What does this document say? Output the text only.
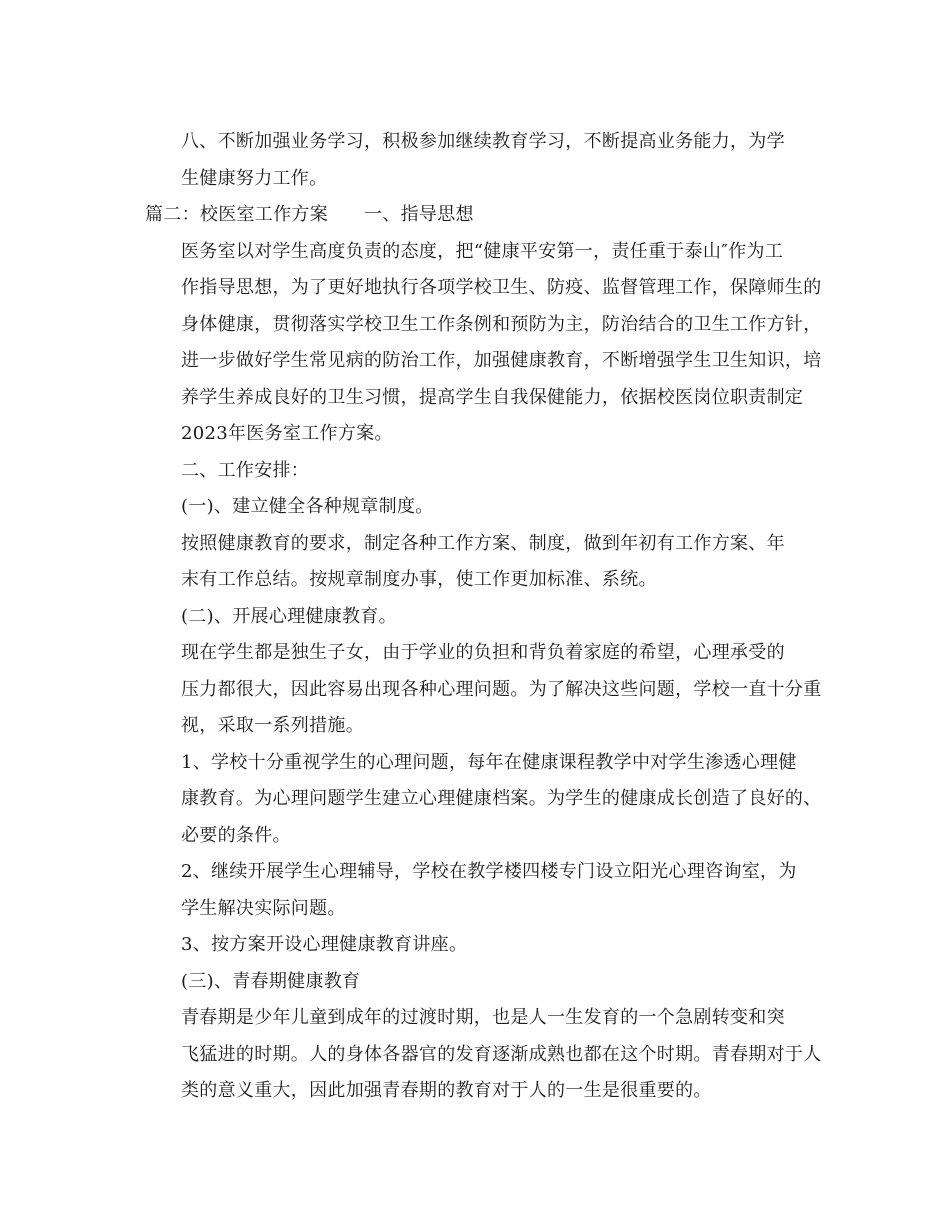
八、不断加强业务学习，积极参加继续教育学习，不断提高业务能力，为学
生健康努力工作。

篇二：校医室工作方案 一、指导思想

医务室以对学生高度负责的态度，把“健康平安第一，责任重于泰山″作为工
作指导思想，为了更好地执行各项学校卫生、防疫、监督管理工作，保障师生的
身体健康，贯彻落实学校卫生工作条例和预防为主，防治结合的卫生工作方针，
进一步做好学生常见病的防治工作，加强健康教育，不断增强学生卫生知识，培
养学生养成良好的卫生习惯，提高学生自我保健能力，依据校医岗位职责制定
2023年医务室工作方案。

二、工作安排：

(一)、建立健全各种规章制度。

按照健康教育的要求，制定各种工作方案、制度，做到年初有工作方案、年
末有工作总结。按规章制度办事，使工作更加标准、系统。

(二)、开展心理健康教育。

现在学生都是独生子女，由于学业的负担和背负着家庭的希望，心理承受的
压力都很大，因此容易出现各种心理问题。为了解决这些问题，学校一直十分重
视，采取一系列措施。

1、学校十分重视学生的心理问题，每年在健康课程教学中对学生渗透心理健
康教育。为心理问题学生建立心理健康档案。为学生的健康成长创造了良好的、
必要的条件。

2、继续开展学生心理辅导，学校在教学楼四楼专门设立阳光心理咨询室，为
学生解决实际问题。

3、按方案开设心理健康教育讲座。

(三)、青春期健康教育

青春期是少年儿童到成年的过渡时期，也是人一生发育的一个急剧转变和突
飞猛进的时期。人的身体各器官的发育逐渐成熟也都在这个时期。青春期对于人
类的意义重大，因此加强青春期的教育对于人的一生是很重要的。
